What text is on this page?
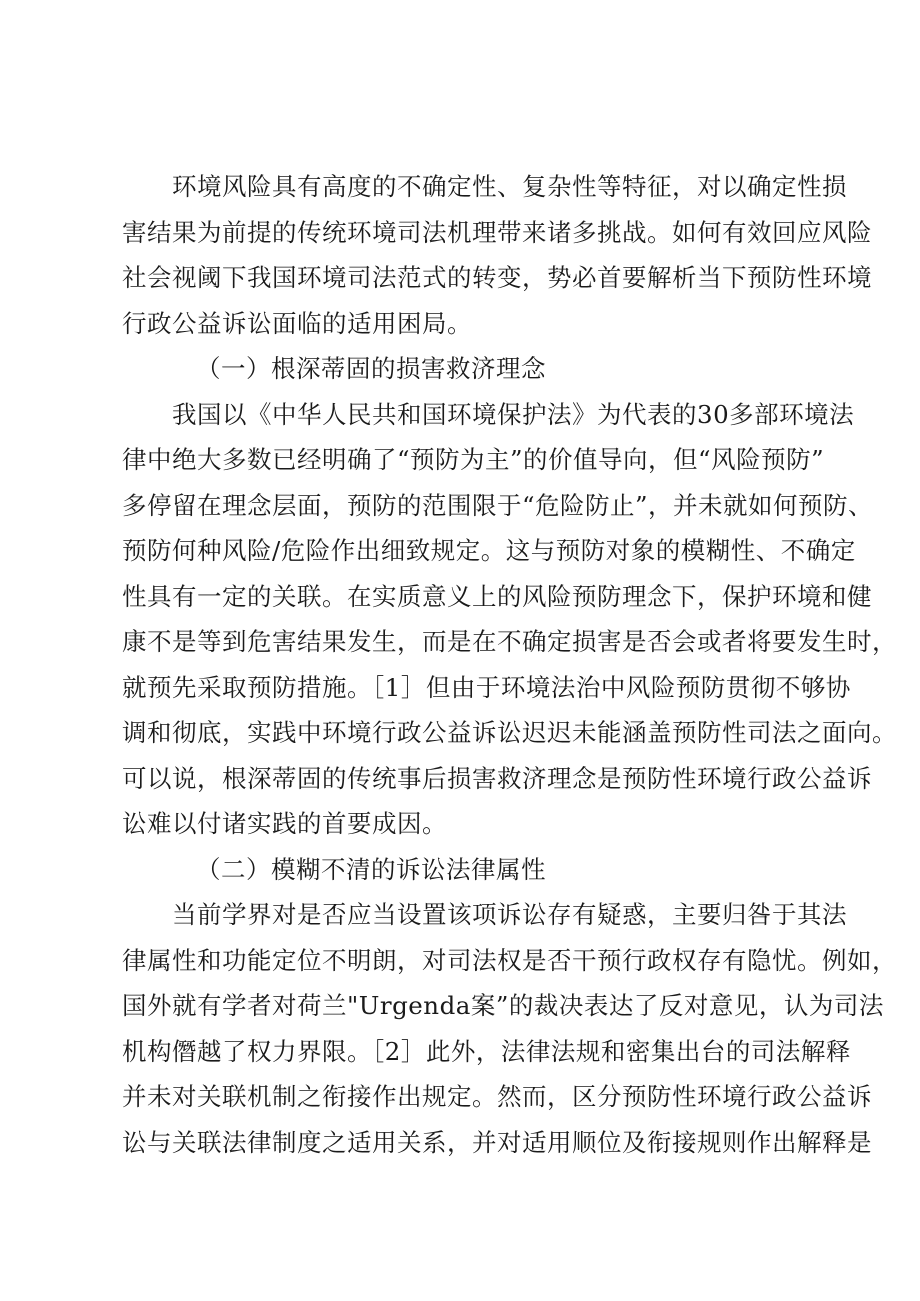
环境风险具有高度的不确定性、复杂性等特征，对以确定性损
害结果为前提的传统环境司法机理带来诸多挑战。如何有效回应风险
社会视阈下我国环境司法范式的转变，势必首要解析当下预防性环境
行政公益诉讼面临的适用困局。
（一）根深蒂固的损害救济理念
我国以《中华人民共和国环境保护法》为代表的30多部环境法
律中绝大多数已经明确了“预防为主”的价值导向，但“风险预防”
多停留在理念层面，预防的范围限于“危险防止”，并未就如何预防、
预防何种风险/危险作出细致规定。这与预防对象的模糊性、不确定
性具有一定的关联。在实质意义上的风险预防理念下，保护环境和健
康不是等到危害结果发生，而是在不确定损害是否会或者将要发生时，
就预先采取预防措施。［1］但由于环境法治中风险预防贯彻不够协
调和彻底，实践中环境行政公益诉讼迟迟未能涵盖预防性司法之面向。
可以说，根深蒂固的传统事后损害救济理念是预防性环境行政公益诉
讼难以付诸实践的首要成因。
（二）模糊不清的诉讼法律属性
当前学界对是否应当设置该项诉讼存有疑惑，主要归咎于其法
律属性和功能定位不明朗，对司法权是否干预行政权存有隐忧。例如，
国外就有学者对荷兰"Urgenda案”的裁决表达了反对意见，认为司法
机构僭越了权力界限。［2］此外，法律法规和密集出台的司法解释
并未对关联机制之衔接作出规定。然而，区分预防性环境行政公益诉
讼与关联法律制度之适用关系，并对适用顺位及衔接规则作出解释是
